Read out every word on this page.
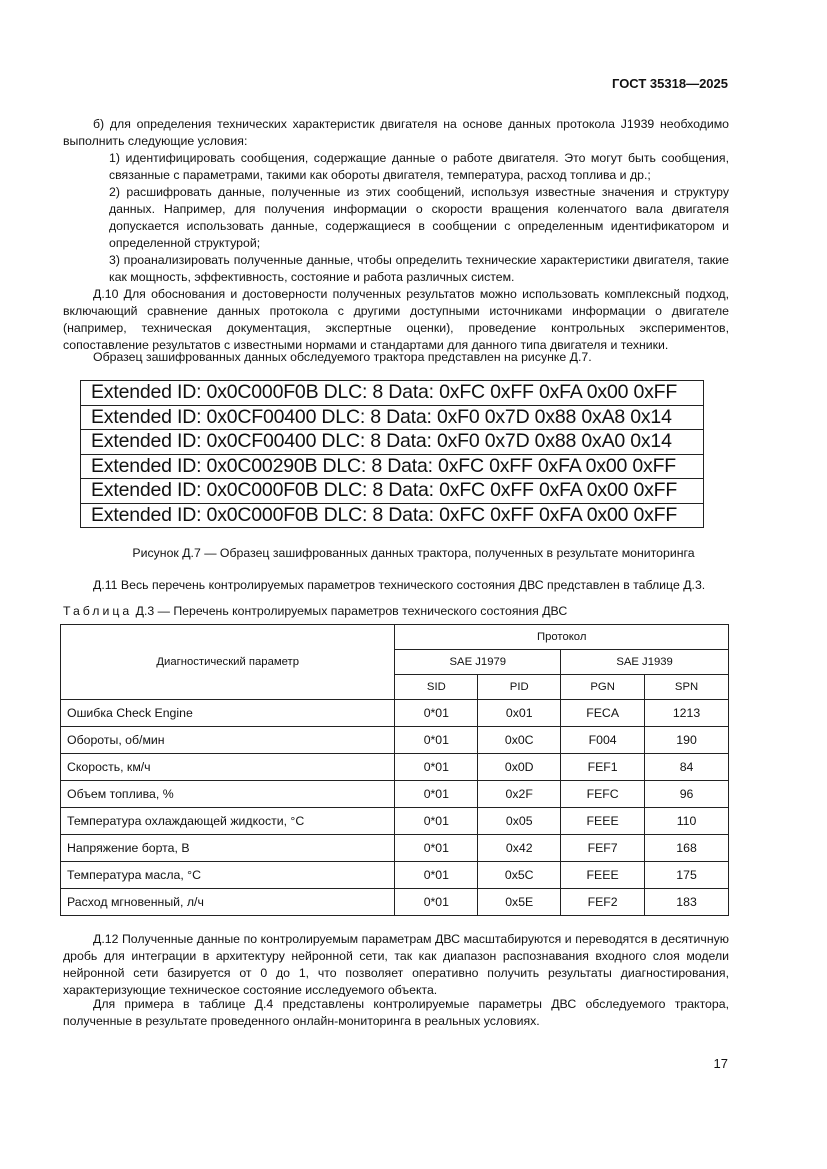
ГОСТ 35318—2025

б) для определения технических характеристик двигателя на основе данных протокола J1939 необходимо выполнить следующие условия:

1) идентифицировать сообщения, содержащие данные о работе двигателя. Это могут быть сообщения, связанные с параметрами, такими как обороты двигателя, температура, расход топлива и др.;

2) расшифровать данные, полученные из этих сообщений, используя известные значения и структуру данных. Например, для получения информации о скорости вращения коленчатого вала двигателя допускается использовать данные, содержащиеся в сообщении с определенным идентификатором и определенной структурой;

3) проанализировать полученные данные, чтобы определить технические характеристики двигателя, такие как мощность, эффективность, состояние и работа различных систем.

Д.10 Для обоснования и достоверности полученных результатов можно использовать комплексный подход, включающий сравнение данных протокола с другими доступными источниками информации о двигателе (например, техническая документация, экспертные оценки), проведение контрольных экспериментов, сопоставление результатов с известными нормами и стандартами для данного типа двигателя и техники.

Образец зашифрованных данных обследуемого трактора представлен на рисунке Д.7.

Extended ID: 0x0C000F0B DLC: 8 Data: 0xFC 0xFF 0xFA 0x00 0xFF
Extended ID: 0x0CF00400 DLC: 8 Data: 0xF0 0x7D 0x88 0xA8 0x14
Extended ID: 0x0CF00400 DLC: 8 Data: 0xF0 0x7D 0x88 0xA0 0x14
Extended ID: 0x0C00290B DLC: 8 Data: 0xFC 0xFF 0xFA 0x00 0xFF
Extended ID: 0x0C000F0B DLC: 8 Data: 0xFC 0xFF 0xFA 0x00 0xFF
Extended ID: 0x0C000F0B DLC: 8 Data: 0xFC 0xFF 0xFA 0x00 0xFF
Рисунок Д.7 — Образец зашифрованных данных трактора, полученных в результате мониторинга

Д.11 Весь перечень контролируемых параметров технического состояния ДВС представлен в таблице Д.3.

Таблица Д.3 — Перечень контролируемых параметров технического состояния ДВС
Диагностический параметр	Протокол			
	SAE J1979		SAE J1939	
	SID	PID	PGN	SPN
Ошибка Check Engine	0*01	0x01	FECA	1213
Обороты, об/мин	0*01	0x0C	F004	190
Скорость, км/ч	0*01	0x0D	FEF1	84
Объем топлива, %	0*01	0x2F	FEFC	96
Температура охлаждающей жидкости, °С	0*01	0x05	FEEE	110
Напряжение борта, В	0*01	0x42	FEF7	168
Температура масла, °С	0*01	0x5C	FEEE	175
Расход мгновенный, л/ч	0*01	0x5E	FEF2	183

Д.12 Полученные данные по контролируемым параметрам ДВС масштабируются и переводятся в десятичную дробь для интеграции в архитектуру нейронной сети, так как диапазон распознавания входного слоя модели нейронной сети базируется от 0 до 1, что позволяет оперативно получить результаты диагностирования, характеризующие техническое состояние исследуемого объекта.

Для примера в таблице Д.4 представлены контролируемые параметры ДВС обследуемого трактора, полученные в результате проведенного онлайн-мониторинга в реальных условиях.

17
